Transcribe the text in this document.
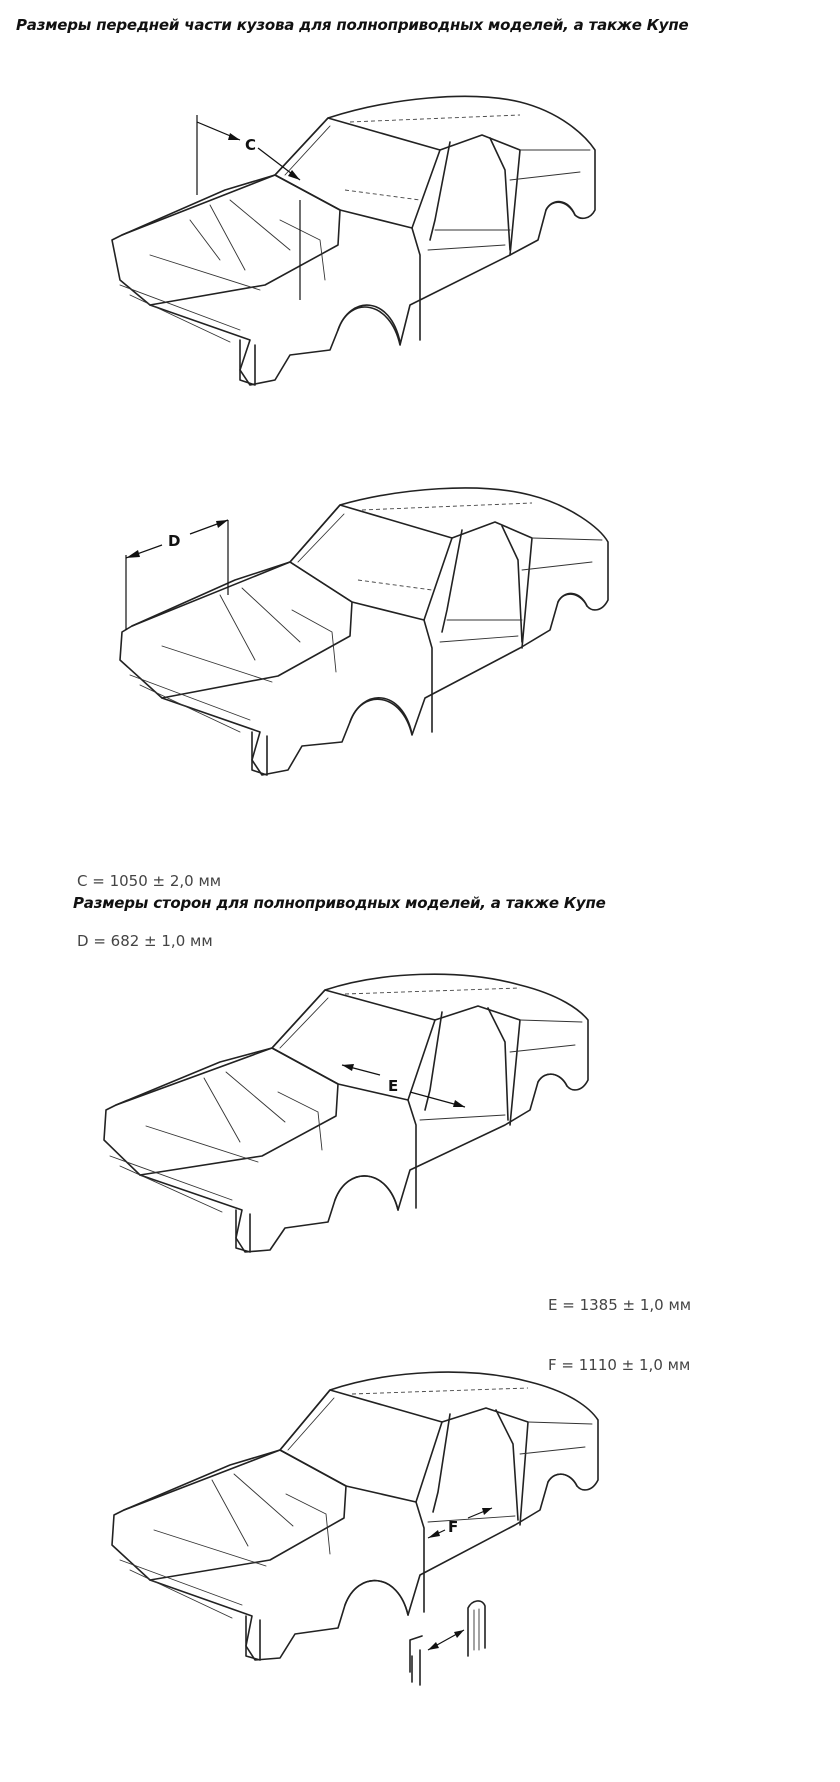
Размеры передней части кузова для полноприводных моделей, а также Купе
C
D

C = 1050 ± 2,0 мм

D = 682 ± 1,0 мм

Размеры сторон для полноприводных моделей, а также Купе
E

E = 1385 ± 1,0 мм

F = 1110 ± 1,0 мм

F
